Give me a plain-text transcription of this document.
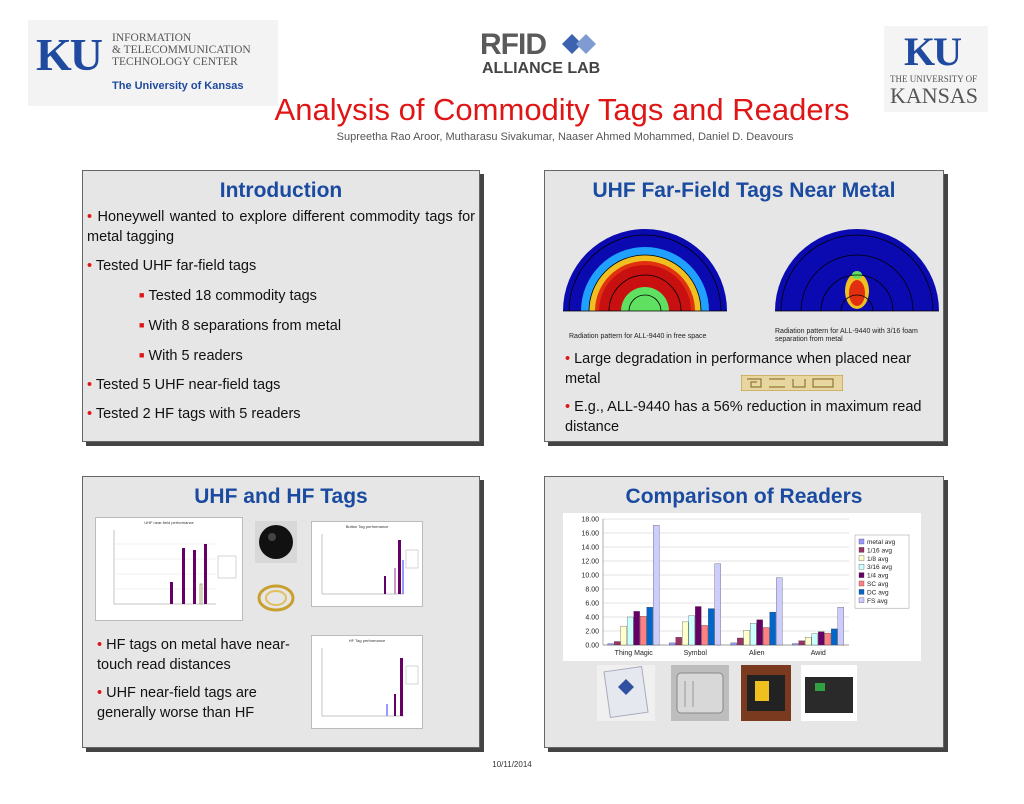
KU INFORMATION
& TELECOMMUNICATION
TECHNOLOGY CENTER
The University of Kansas
RFID
ALLIANCE LAB	KU
THE UNIVERSITY OF
KANSAS
Analysis of Commodity Tags and Readers
Supreetha Rao Aroor, Mutharasu Sivakumar, Naaser Ahmed Mohammed, Daniel D. Deavours
Introduction
• Honeywell wanted to explore different commodity tags for metal tagging
• Tested UHF far-field tags
■ Tested 18 commodity tags
■ With 8 separations from metal
■ With 5 readers
• Tested 5 UHF near-field tags
• Tested 2 HF tags with 5 readers
UHF Far-Field Tags Near Metal
Radiation pattern for ALL-9440 in free space
Radiation pattern for ALL-9440 with 3/16 foam separation from metal
• Large degradation in performance when placed near metal
• E.g., ALL-9440 has a 56% reduction in maximum read distance
UHF and HF Tags
UHF near-field performance
Button Tag performance
HF Tag performance
• HF tags on metal have near-touch read distances
• UHF near-field tags are generally worse than HF
Comparison of Readers
0.00
2.00
4.00
6.00
8.00
10.00
12.00
14.00
16.00
18.00
Thing Magic	Symbol	Alien	Awid
metal avg
1/16 avg
1/8 avg
3/16 avg
1/4 avg
SC avg
DC avg
FS avg
10/11/2014
